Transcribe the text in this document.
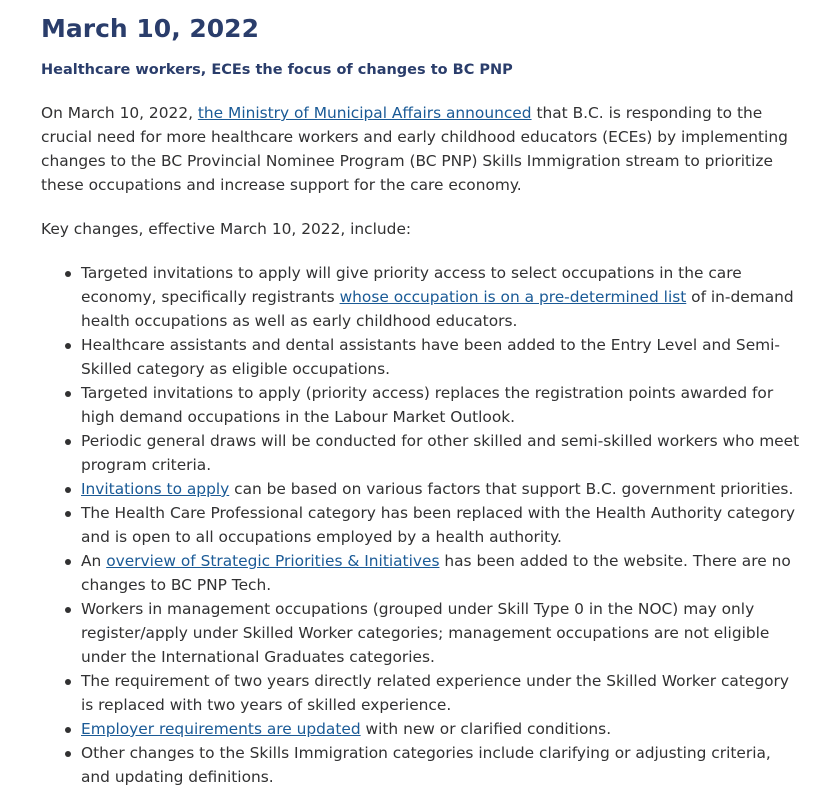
March 10, 2022
Healthcare workers, ECEs the focus of changes to BC PNP

On March 10, 2022, the Ministry of Municipal Affairs announced that B.C. is responding to the crucial need for more healthcare workers and early childhood educators (ECEs) by implementing changes to the BC Provincial Nominee Program (BC PNP) Skills Immigration stream to prioritize these occupations and increase support for the care economy.

Key changes, effective March 10, 2022, include:

Targeted invitations to apply will give priority access to select occupations in the care economy, specifically registrants whose occupation is on a pre-determined list of in-demand health occupations as well as early childhood educators.
Healthcare assistants and dental assistants have been added to the Entry Level and Semi-Skilled category as eligible occupations.
Targeted invitations to apply (priority access) replaces the registration points awarded for high demand occupations in the Labour Market Outlook.
Periodic general draws will be conducted for other skilled and semi-skilled workers who meet program criteria.
Invitations to apply can be based on various factors that support B.C. government priorities.
The Health Care Professional category has been replaced with the Health Authority category and is open to all occupations employed by a health authority.
An overview of Strategic Priorities & Initiatives has been added to the website. There are no changes to BC PNP Tech.
Workers in management occupations (grouped under Skill Type 0 in the NOC) may only register/apply under Skilled Worker categories; management occupations are not eligible under the International Graduates categories.
The requirement of two years directly related experience under the Skilled Worker category is replaced with two years of skilled experience.
Employer requirements are updated with new or clarified conditions.
Other changes to the Skills Immigration categories include clarifying or adjusting criteria, and updating definitions.
